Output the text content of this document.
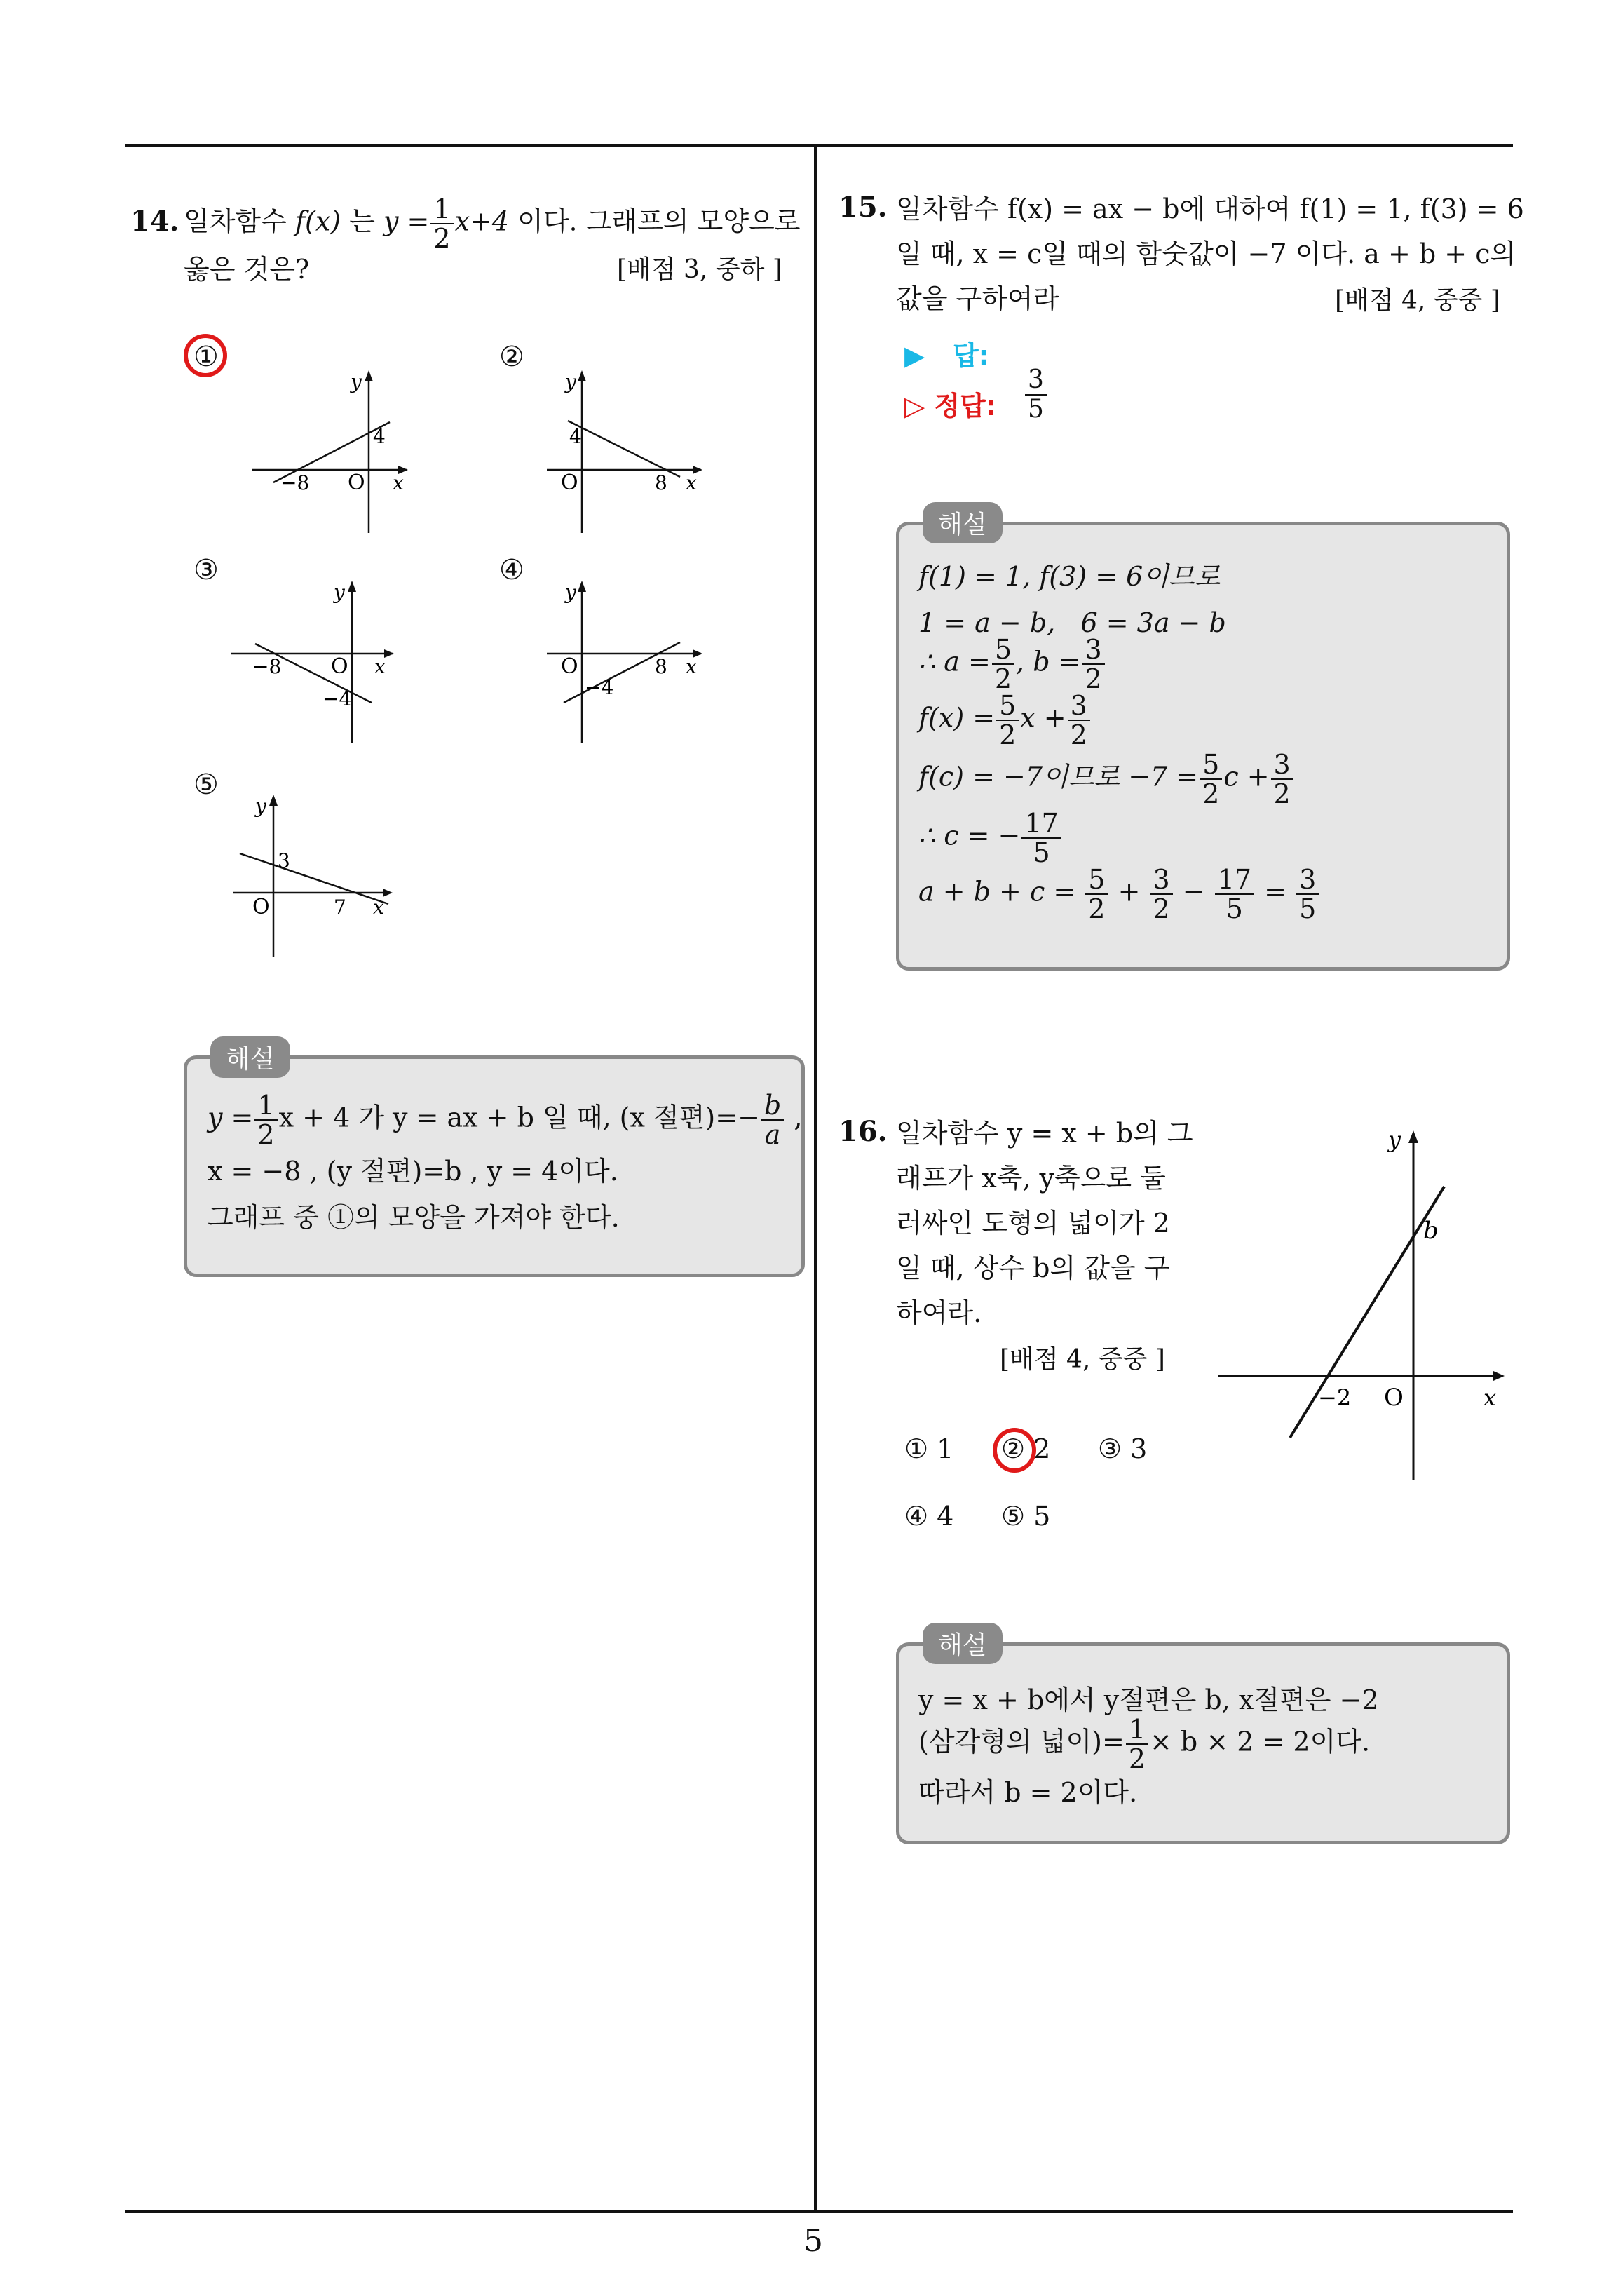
5
14. 일차함수 f(x) 는 $y = \frac{1}{2} x+4$ 이다. 그래프의 모양으로
옳은 것은?	[배점 3, 중하 ]
①	②
③	④
⑤
y
x
O
−8
4
y
x
O	8
4
y
x
O
−8
−4
y
x
O	8
−4
y
x
O	7
3
해설
$y = \frac{1}{2}$ x + 4 가 y = ax + b 일 때, (x 절편)=− $\frac{b}{a}$ ,
x = −8 , (y 절편)=b , y = 4이다.
그래프 중 ①의 모양을 가져야 한다.
15. 일차함수 f(x) = ax − b에 대하여 f(1) = 1, f(3) = 6
일 때, x = c일 때의 함숫값이 −7 이다. a + b + c의
값을 구하여라	[배점 4, 중중 ]
▶   답:
▷ 정답: $\frac{3}{5}$
해설
f(1) = 1, f(3) = 6이므로
1 = a − b,   6 = 3a − b
∴ $a = \frac{5}{2}$ , $b = \frac{3}{2}$
$f(x) = \frac{5}{2}$ $x + \frac{3}{2}$
f(c) = −7이므로 $-7 = \frac{5}{2}$ $c + \frac{3}{2}$
∴ c = − $\frac{17}{5}$
$a + b + c = \frac{5}{2} + \frac{3}{2} - \frac{17}{5} = \frac{3}{5}$
16. 일차함수 y = x + b의 그
래프가 x축, y축으로 둘
러싸인 도형의 넓이가 2
일 때, 상수 b의 값을 구
하여라.
[배점 4, 중중 ]
y
x
O
−2
b
① 1 ② 2 ③ 3
④ 4 ⑤ 5
해설
y = x + b에서 y절편은 b, x절편은 −2
(삼각형의 넓이)= $\frac{1}{2} \times b \times 2 = 2$이다.
따라서 b = 2이다.
